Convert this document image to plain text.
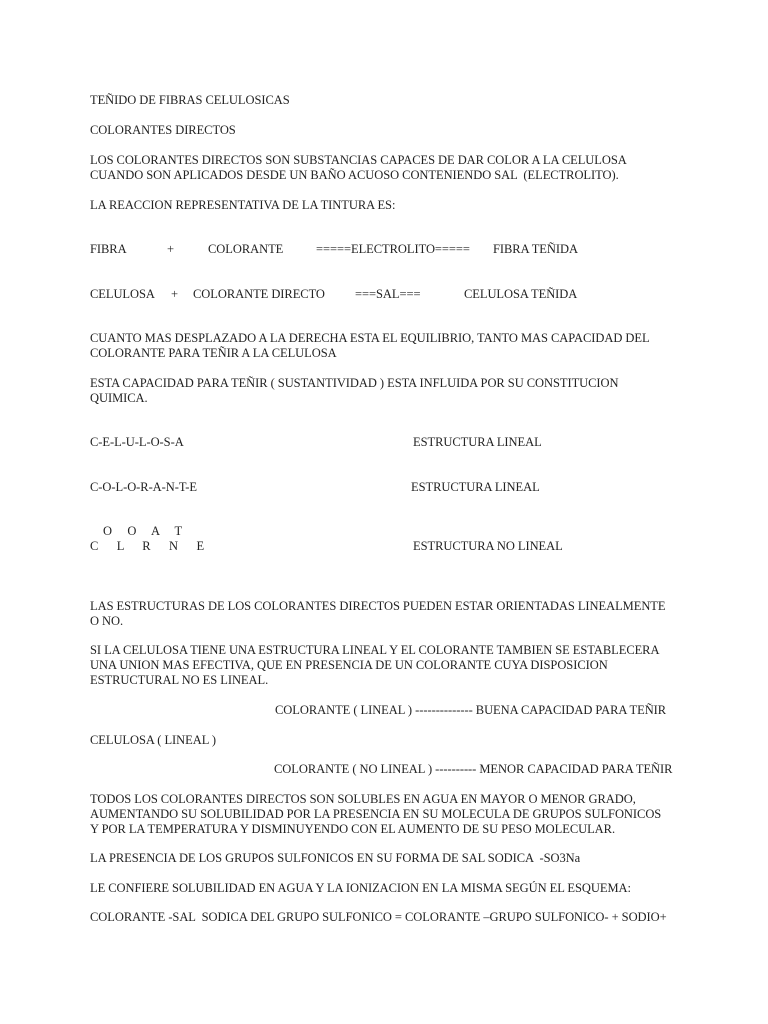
TEÑIDO DE FIBRAS CELULOSICAS
COLORANTES DIRECTOS
LOS COLORANTES DIRECTOS SON SUBSTANCIAS CAPACES DE DAR COLOR A LA CELULOSA
CUANDO SON APLICADOS DESDE UN BAÑO ACUOSO CONTENIENDO SAL  (ELECTROLITO).
LA REACCION REPRESENTATIVA DE LA TINTURA ES:
FIBRA	+	COLORANTE	=====ELECTROLITO===== FIBRA TEÑIDA
CELULOSA + COLORANTE DIRECTO ===SAL===	CELULOSA TEÑIDA
CUANTO MAS DESPLAZADO A LA DERECHA ESTA EL EQUILIBRIO, TANTO MAS CAPACIDAD DEL
COLORANTE PARA TEÑIR A LA CELULOSA
ESTA CAPACIDAD PARA TEÑIR ( SUSTANTIVIDAD ) ESTA INFLUIDA POR SU CONSTITUCION
QUIMICA.
C-E-L-U-L-O-S-A	ESTRUCTURA LINEAL
C-O-L-O-R-A-N-T-E	ESTRUCTURA LINEAL
O     O     A     T
C      L      R      N      E	ESTRUCTURA NO LINEAL
LAS ESTRUCTURAS DE LOS COLORANTES DIRECTOS PUEDEN ESTAR ORIENTADAS LINEALMENTE
O NO.
SI LA CELULOSA TIENE UNA ESTRUCTURA LINEAL Y EL COLORANTE TAMBIEN SE ESTABLECERA
UNA UNION MAS EFECTIVA, QUE EN PRESENCIA DE UN COLORANTE CUYA DISPOSICION
ESTRUCTURAL NO ES LINEAL.
COLORANTE ( LINEAL ) -------------- BUENA CAPACIDAD PARA TEÑIR
CELULOSA ( LINEAL )
COLORANTE ( NO LINEAL ) ---------- MENOR CAPACIDAD PARA TEÑIR
TODOS LOS COLORANTES DIRECTOS SON SOLUBLES EN AGUA EN MAYOR O MENOR GRADO,
AUMENTANDO SU SOLUBILIDAD POR LA PRESENCIA EN SU MOLECULA DE GRUPOS SULFONICOS
Y POR LA TEMPERATURA Y DISMINUYENDO CON EL AUMENTO DE SU PESO MOLECULAR.
LA PRESENCIA DE LOS GRUPOS SULFONICOS EN SU FORMA DE SAL SODICA  -SO3Na
LE CONFIERE SOLUBILIDAD EN AGUA Y LA IONIZACION EN LA MISMA SEGÚN EL ESQUEMA:
COLORANTE -SAL  SODICA DEL GRUPO SULFONICO = COLORANTE –GRUPO SULFONICO- + SODIO+
